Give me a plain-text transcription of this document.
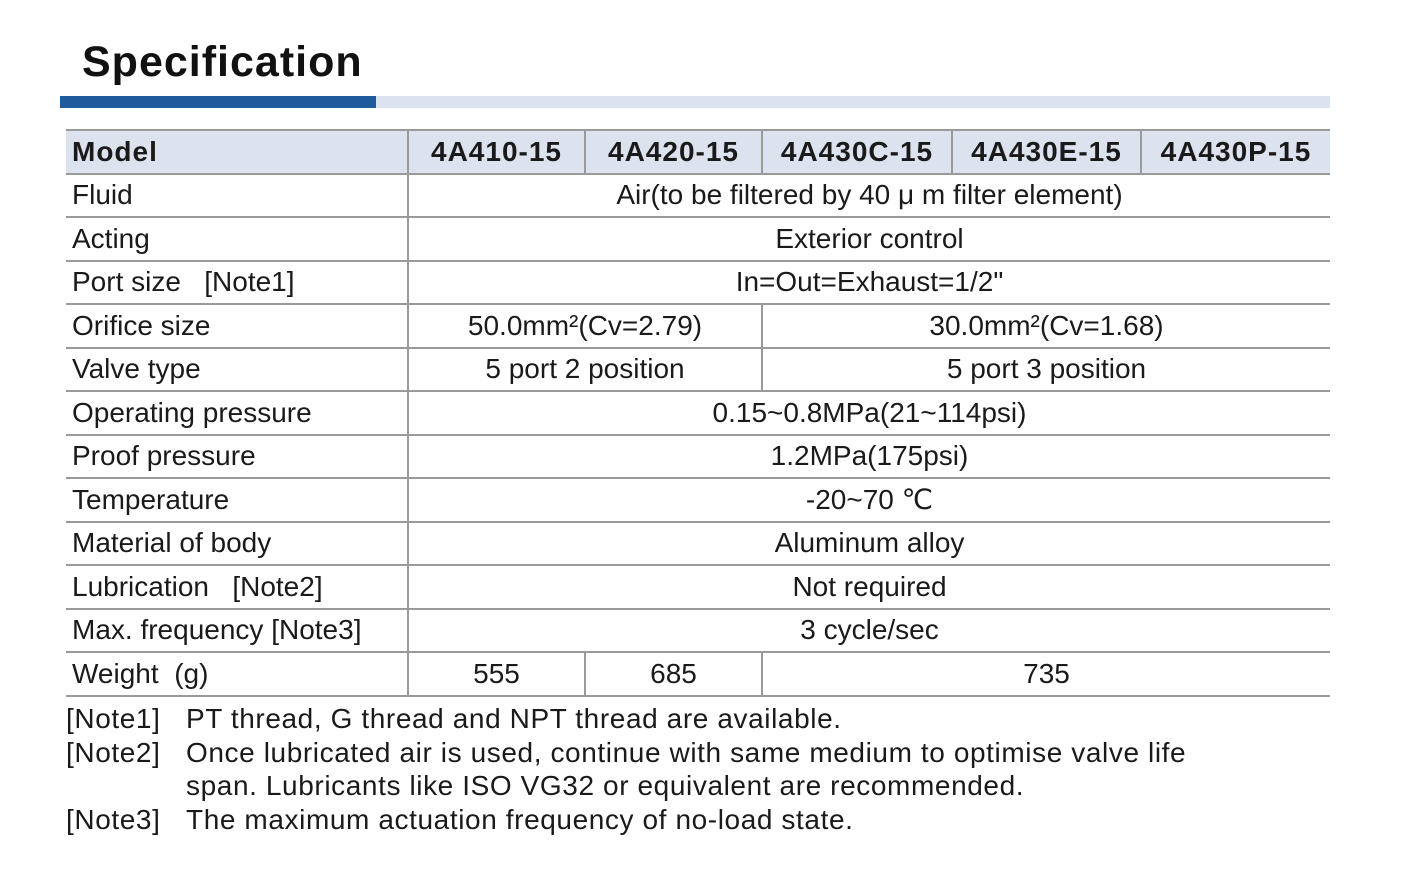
Specification
Model	4A410-15	4A420-15	4A430C-15	4A430E-15	4A430P-15
Fluid	Air(to be filtered by 40 μ m filter element)				
Acting	Exterior control				
Port size   [Note1]	In=Out=Exhaust=1/2"				
Orifice size	50.0mm²(Cv=2.79)		30.0mm²(Cv=1.68)		
Valve type	5 port 2 position		5 port 3 position		
Operating pressure	0.15~0.8MPa(21~114psi)				
Proof pressure	1.2MPa(175psi)				
Temperature	-20~70 ℃				
Material of body	Aluminum alloy				
Lubrication   [Note2]	Not required				
Max. frequency [Note3]	3 cycle/sec				
Weight  (g)	555	685	735		
[Note1] PT thread, G thread and NPT thread are available.
[Note2] Once lubricated air is used, continue with same medium to optimise valve life
span. Lubricants like ISO VG32 or equivalent are recommended.
[Note3] The maximum actuation frequency of no-load state.
